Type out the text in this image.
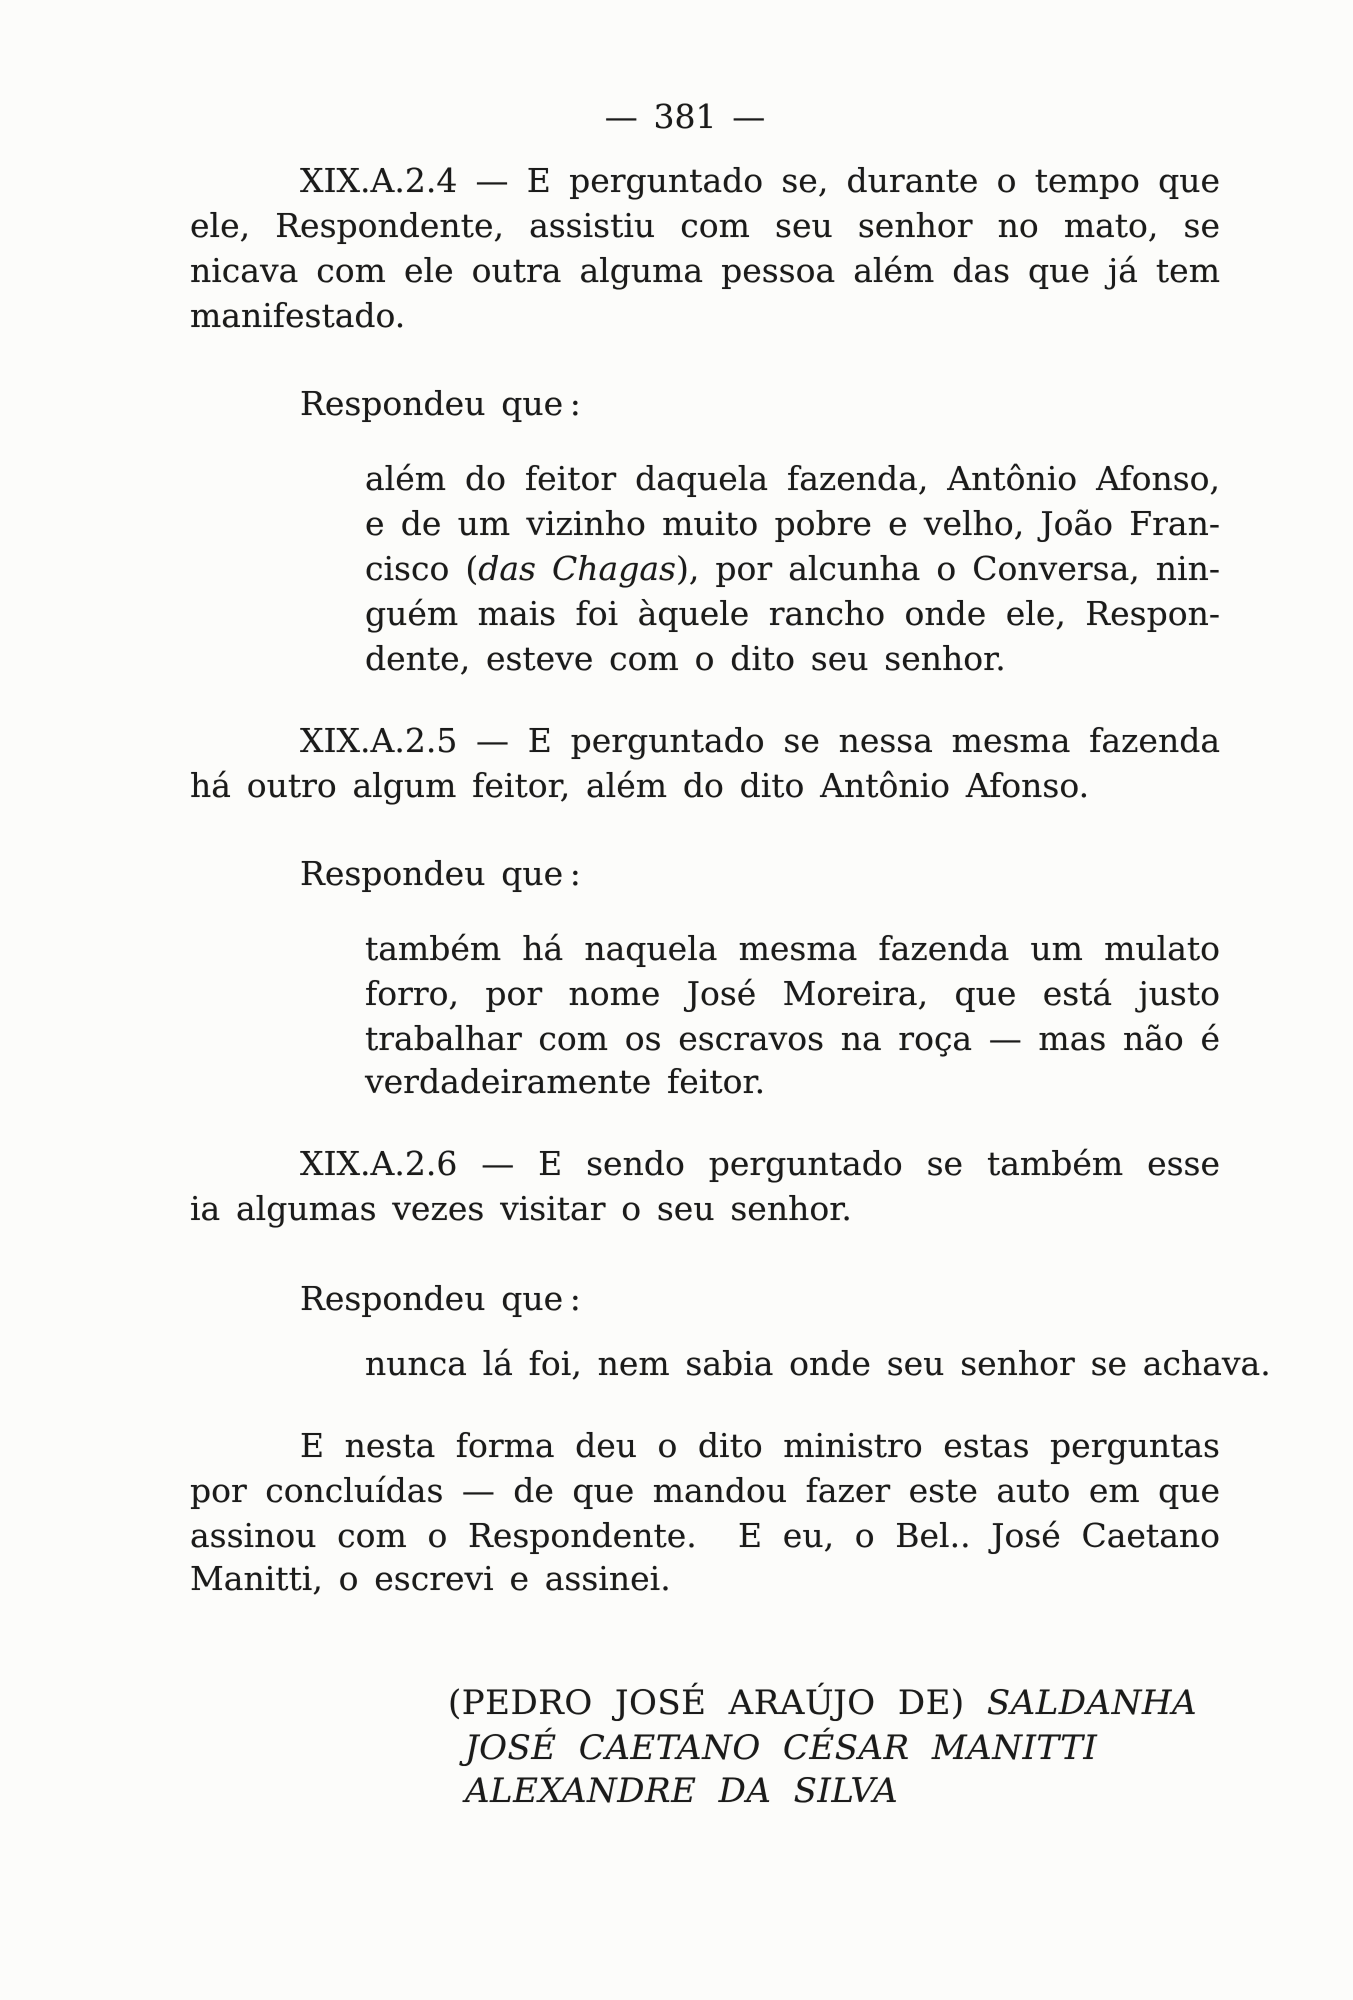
— 381 —
XIX.A.2.4 — E perguntado se, durante o tempo que
ele, Respondente, assistiu com seu senhor no mato, se
nicava com ele outra alguma pessoa além das que já tem
manifestado.
Respondeu que :
além do feitor daquela fazenda, Antônio Afonso,
e de um vizinho muito pobre e velho, João Fran-
cisco (das Chagas), por alcunha o Conversa, nin-
guém mais foi àquele rancho onde ele, Respon-
dente, esteve com o dito seu senhor.
XIX.A.2.5 — E perguntado se nessa mesma fazenda
há outro algum feitor, além do dito Antônio Afonso.
Respondeu que :
também há naquela mesma fazenda um mulato
forro, por nome José Moreira, que está justo
trabalhar com os escravos na roça — mas não é
verdadeiramente feitor.
XIX.A.2.6 — E sendo perguntado se também esse
ia algumas vezes visitar o seu senhor.
Respondeu que :
nunca lá foi, nem sabia onde seu senhor se achava.
E nesta forma deu o dito ministro estas perguntas
por concluídas — de que mandou fazer este auto em que
assinou com o Respondente.  E eu, o Bel.. José Caetano
Manitti, o escrevi e assinei.
(PEDRO JOSÉ ARAÚJO DE) SALDANHA
JOSÉ CAETANO CÉSAR MANITTI
ALEXANDRE DA SILVA
